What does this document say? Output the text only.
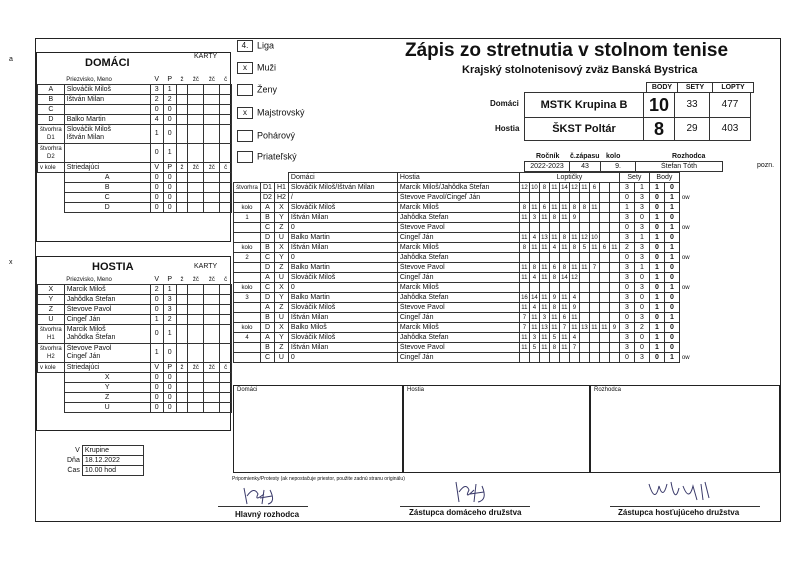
a
x
Zápis zo stretnutia v stolnom tenise
Krajský stolnotenisový zväz Banská Bystrica
4. Liga
x Muži
Ženy
x Majstrovský
Pohárový
Priateľský
BODY	SETY	LOPTY
Domáci
Hostia
MSTK Krupina B	10	33	477
ŠKST Poltár	8	29	403
Ročník č.zápasu kolo	Rozhodca
2022-2023	43	9.	Štefan Tóth	pozn.
DOMÁCI
KARTY
	Priezvisko, Meno	V	P	ž	žč	žč	č
A	Slováčik Miloš	3	1				
B	Ištván Milan	2	2				
C		0	0				
D	Balko Martin	4	0				
štvorhra D1	Slováčik Miloš
Ištván Milan	1	0				
štvorhra D2		0	1				
v kole	Striedajúci	V	P	ž	žč	žč	č
	A	0	0				
	B	0	0				
	C	0	0				
	D	0	0				
HOSTIA	KARTY
	Priezvisko, Meno	V	P	ž	žč	žč	č
X	Marcik Miloš	2	1				
Y	Jahôdka Štefan	0	3				
Z	Števove Pavol	0	3				
U	Cingeľ Ján	1	2				
štvorhra H1	Marcik Miloš
Jahôdka Štefan	0	1				
štvorhra H2	Števove Pavol
Cingeľ Ján	1	0				
v kole	Striedajúci	V	P	ž	žč	žč	č
	X	0	0				
	Y	0	0				
	Z	0	0				
	U	0	0				
V	Krupine
Dňa	18.12.2022
Čas	10.00 hod
			Domáci	Hostia	Loptičky										Sety		Body		
štvorhra	D1	H1	Slováčik Miloš/Ištván Milan	Marcik Miloš/Jahôdka Štefan	12	10	8	11	14	12	11	6			3	1	1	0	
	D2	H2	/	Števove Pavol/Cingeľ Ján											0	3	0	1	ow
kolo	A	X	Slováčik Miloš	Marcik Miloš	8	11	6	11	11	8	8	11			1	3	0	1	
1	B	Y	Ištván Milan	Jahôdka Štefan	11	3	11	8	11	9					3	0	1	0	
	C	Z	0	Števove Pavol											0	3	0	1	ow
	D	U	Balko Martin	Cingeľ Ján	11	4	13	11	8	11	12	10			3	1	1	0	
kolo	B	X	Ištván Milan	Marcik Miloš	8	11	11	4	11	8	5	11	6	11	2	3	0	1	
2	C	Y	0	Jahôdka Štefan											0	3	0	1	ow
	D	Z	Balko Martin	Števove Pavol	11	8	11	6	8	11	11	7			3	1	1	0	
	A	U	Slováčik Miloš	Cingeľ Ján	11	4	11	8	14	12					3	0	1	0	
kolo	C	X	0	Marcik Miloš											0	3	0	1	ow
3	D	Y	Balko Martin	Jahôdka Štefan	16	14	11	9	11	4					3	0	1	0	
	A	Z	Slováčik Miloš	Števove Pavol	11	4	11	8	11	9					3	0	1	0	
	B	U	Ištván Milan	Cingeľ Ján	7	11	3	11	6	11					0	3	0	1	
kolo	D	X	Balko Miloš	Marcik Miloš	7	11	13	11	7	11	13	11	11	9	3	2	1	0	
4	A	Y	Slováčik Miloš	Jahôdka Štefan	11	3	11	5	11	4					3	0	1	0	
	B	Z	Ištván Milan	Števove Pavol	11	5	11	8	11	7					3	0	1	0	
	C	U	0	Cingeľ Ján											0	3	0	1	ow
Domáci	Hostia	Rozhodca
Pripomienky/Protesty (ak nepostačuje priestor, použite zadnú stranu originálu)
Hlavný rozhodca	Zástupca domáceho družstva	Zástupca hosťujúceho družstva
